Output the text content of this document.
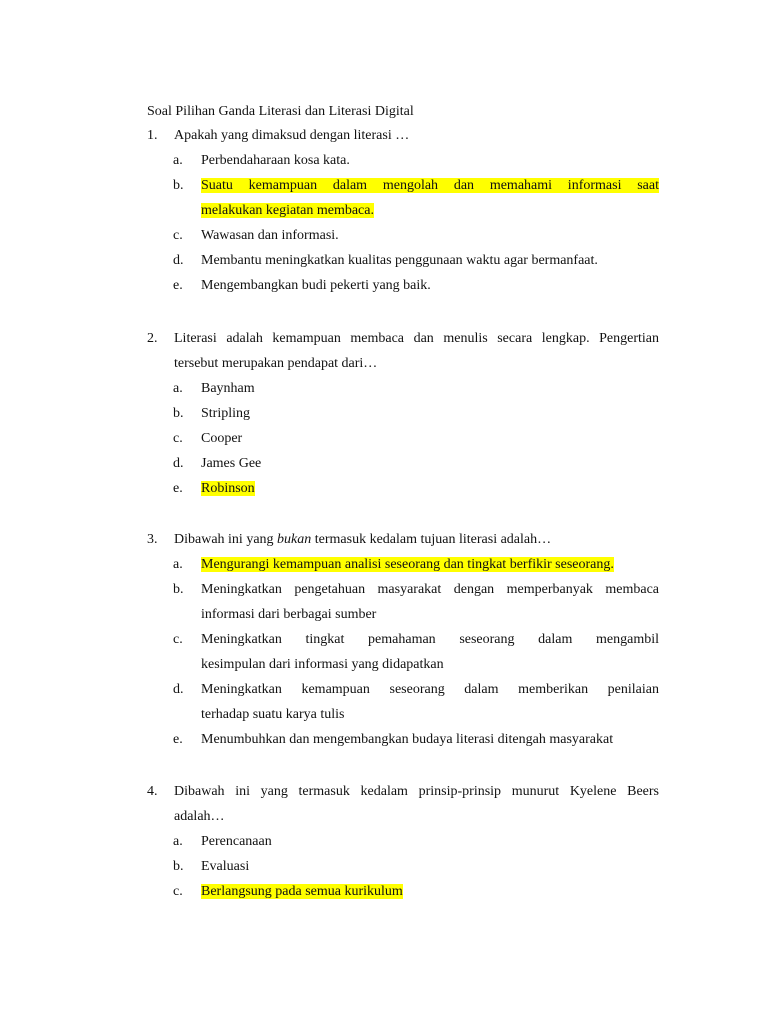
Soal Pilihan Ganda Literasi dan Literasi Digital
1.	Apakah yang dimaksud dengan literasi …
a.	Perbendaharaan kosa kata.
b.	Suatu kemampuan dalam mengolah dan memahami informasi saat
melakukan kegiatan membaca.
c.	Wawasan dan informasi.
d.	Membantu meningkatkan kualitas penggunaan waktu agar bermanfaat.
e.	Mengembangkan budi pekerti yang baik.
2.	Literasi adalah kemampuan membaca dan menulis secara lengkap. Pengertian
tersebut merupakan pendapat dari…
a.	Baynham
b.	Stripling
c.	Cooper
d.	James Gee
e.	Robinson
3.	Dibawah ini yang bukan termasuk kedalam tujuan literasi adalah…
a.	Mengurangi kemampuan analisi seseorang dan tingkat berfikir seseorang.
b.	Meningkatkan pengetahuan masyarakat dengan memperbanyak membaca
informasi dari berbagai sumber
c.	Meningkatkan tingkat pemahaman seseorang dalam mengambil
kesimpulan dari informasi yang didapatkan
d.	Meningkatkan kemampuan seseorang dalam memberikan penilaian
terhadap suatu karya tulis
e.	Menumbuhkan dan mengembangkan budaya literasi ditengah masyarakat
4.	Dibawah ini yang termasuk kedalam prinsip-prinsip munurut Kyelene Beers
adalah…
a.	Perencanaan
b.	Evaluasi
c.	Berlangsung pada semua kurikulum
